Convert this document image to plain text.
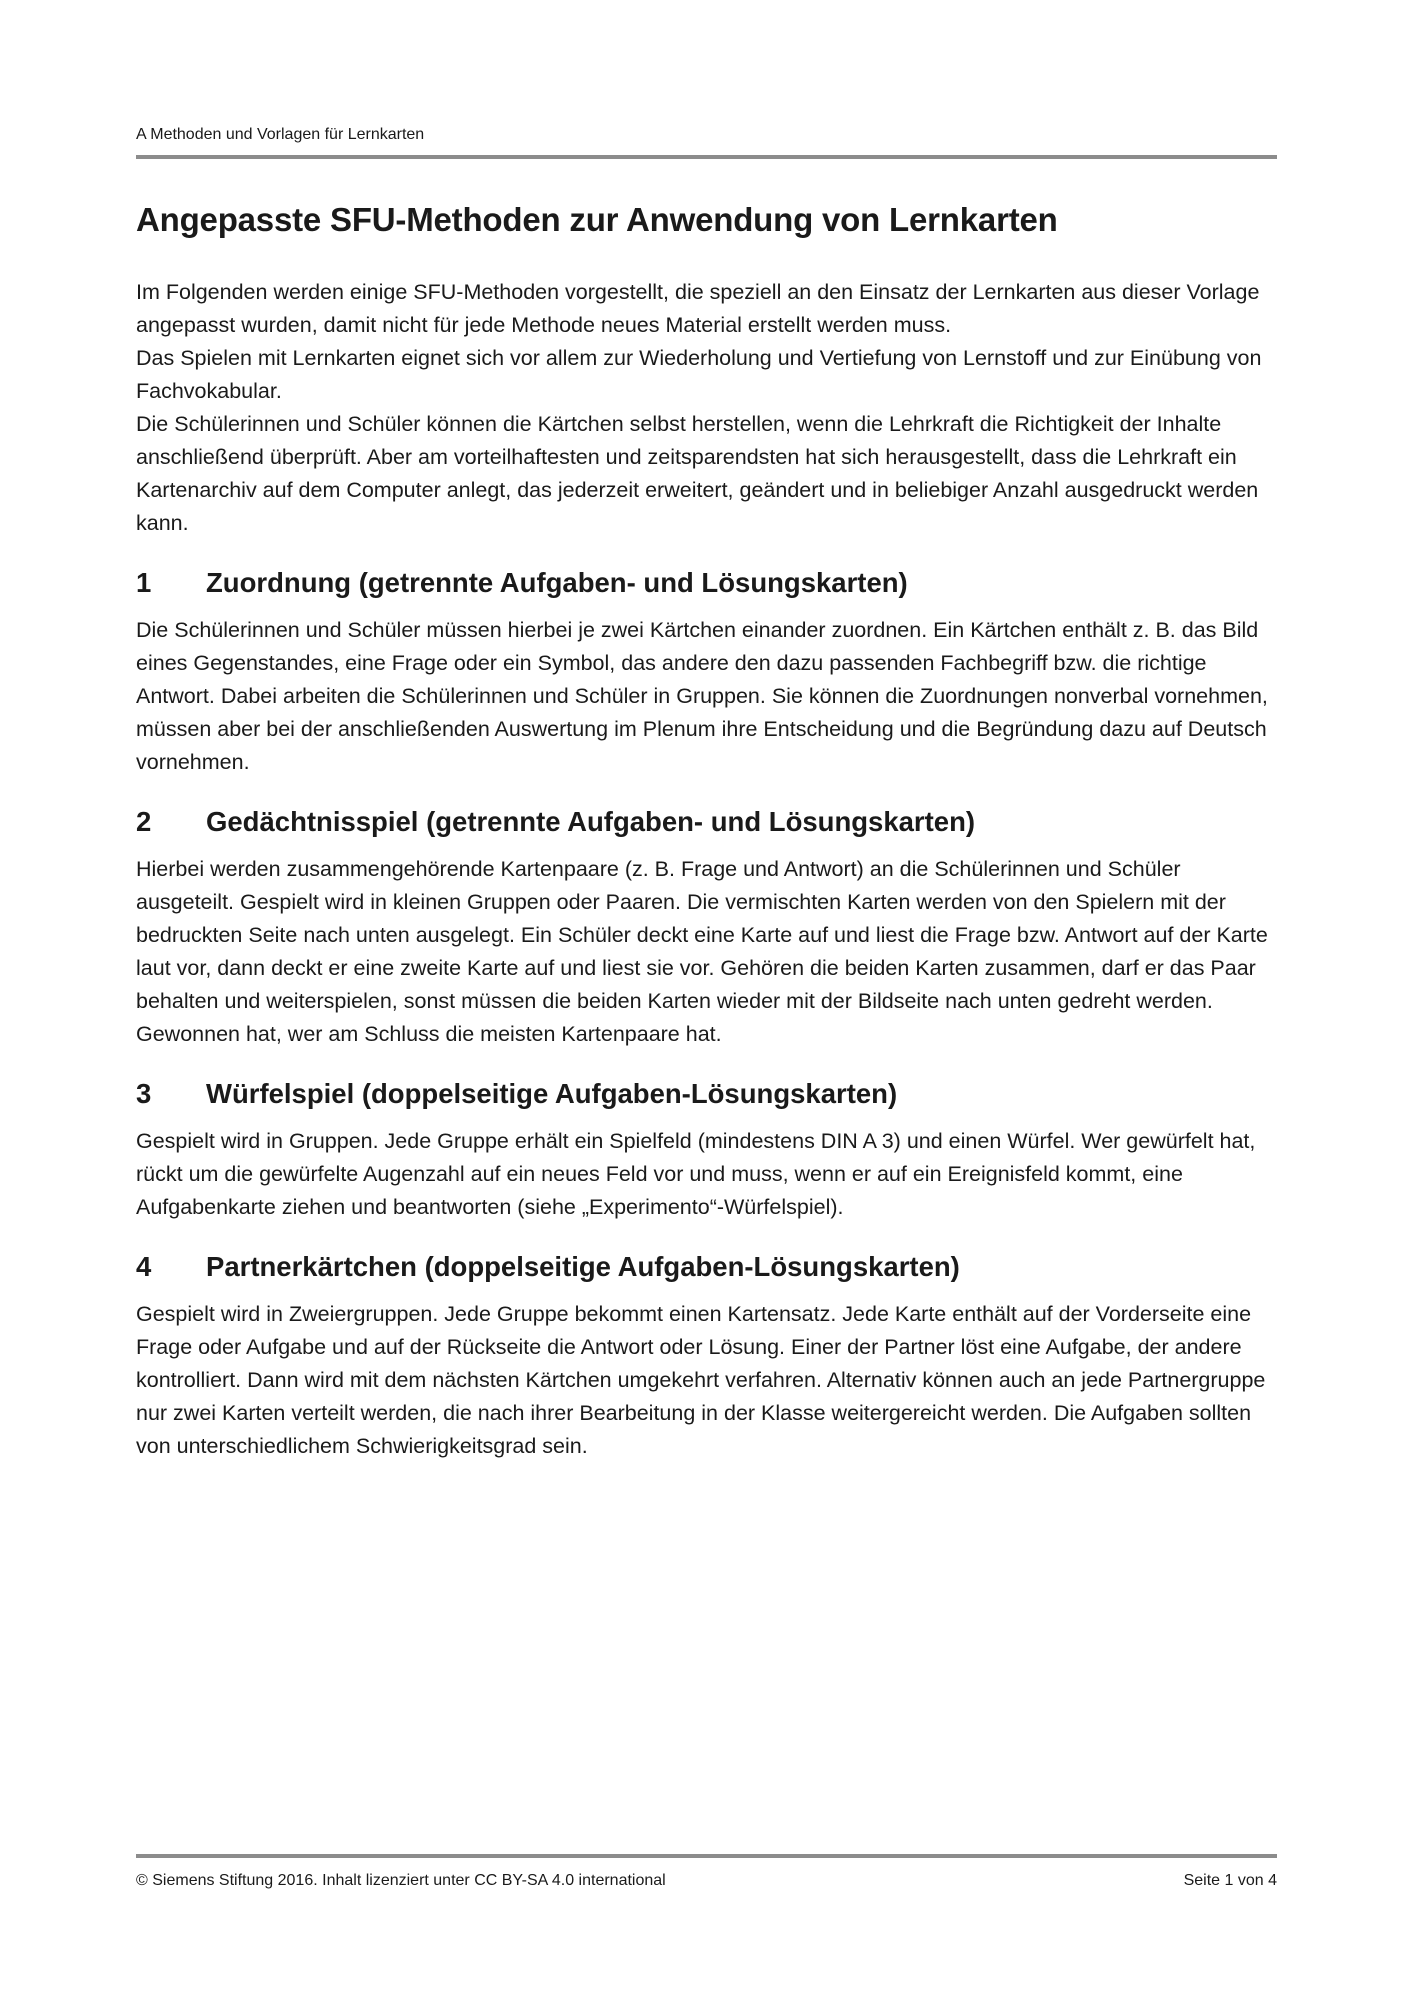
A Methoden und Vorlagen für Lernkarten
Angepasste SFU-Methoden zur Anwendung von Lernkarten

Im Folgenden werden einige SFU-Methoden vorgestellt, die speziell an den Einsatz der Lernkarten aus dieser Vorlage angepasst wurden, damit nicht für jede Methode neues Material erstellt werden muss.

Das Spielen mit Lernkarten eignet sich vor allem zur Wiederholung und Vertiefung von Lernstoff und zur Einübung von Fachvokabular.

Die Schülerinnen und Schüler können die Kärtchen selbst herstellen, wenn die Lehrkraft die Richtigkeit der Inhalte anschließend überprüft. Aber am vorteilhaftesten und zeitsparendsten hat sich herausgestellt, dass die Lehrkraft ein Kartenarchiv auf dem Computer anlegt, das jederzeit erweitert, geändert und in beliebiger Anzahl ausgedruckt werden kann.

1	Zuordnung (getrennte Aufgaben- und Lösungskarten)

Die Schülerinnen und Schüler müssen hierbei je zwei Kärtchen einander zuordnen. Ein Kärtchen enthält z. B. das Bild eines Gegenstandes, eine Frage oder ein Symbol, das andere den dazu passenden Fachbegriff bzw. die richtige Antwort. Dabei arbeiten die Schülerinnen und Schüler in Gruppen. Sie können die Zuordnungen nonverbal vornehmen, müssen aber bei der anschließenden Auswertung im Plenum ihre Entscheidung und die Begründung dazu auf Deutsch vornehmen.

2	Gedächtnisspiel (getrennte Aufgaben- und Lösungskarten)

Hierbei werden zusammengehörende Kartenpaare (z. B. Frage und Antwort) an die Schülerinnen und Schüler ausgeteilt. Gespielt wird in kleinen Gruppen oder Paaren. Die vermischten Karten werden von den Spielern mit der bedruckten Seite nach unten ausgelegt. Ein Schüler deckt eine Karte auf und liest die Frage bzw. Antwort auf der Karte laut vor, dann deckt er eine zweite Karte auf und liest sie vor. Gehören die beiden Karten zusammen, darf er das Paar behalten und weiterspielen, sonst müssen die beiden Karten wieder mit der Bildseite nach unten gedreht werden. Gewonnen hat, wer am Schluss die meisten Kartenpaare hat.

3	Würfelspiel (doppelseitige Aufgaben-Lösungskarten)

Gespielt wird in Gruppen. Jede Gruppe erhält ein Spielfeld (mindestens DIN A 3) und einen Würfel. Wer gewürfelt hat, rückt um die gewürfelte Augenzahl auf ein neues Feld vor und muss, wenn er auf ein Ereignisfeld kommt, eine Aufgabenkarte ziehen und beantworten (siehe „Experimento“-Würfelspiel).

4	Partnerkärtchen (doppelseitige Aufgaben-Lösungskarten)

Gespielt wird in Zweiergruppen. Jede Gruppe bekommt einen Kartensatz. Jede Karte enthält auf der Vorderseite eine Frage oder Aufgabe und auf der Rückseite die Antwort oder Lösung. Einer der Partner löst eine Aufgabe, der andere kontrolliert. Dann wird mit dem nächsten Kärtchen umgekehrt verfahren. Alternativ können auch an jede Partnergruppe nur zwei Karten verteilt werden, die nach ihrer Bearbeitung in der Klasse weitergereicht werden. Die Aufgaben sollten von unterschiedlichem Schwierigkeitsgrad sein.

© Siemens Stiftung 2016. Inhalt lizenziert unter CC BY-SA 4.0 international	Seite 1 von 4
